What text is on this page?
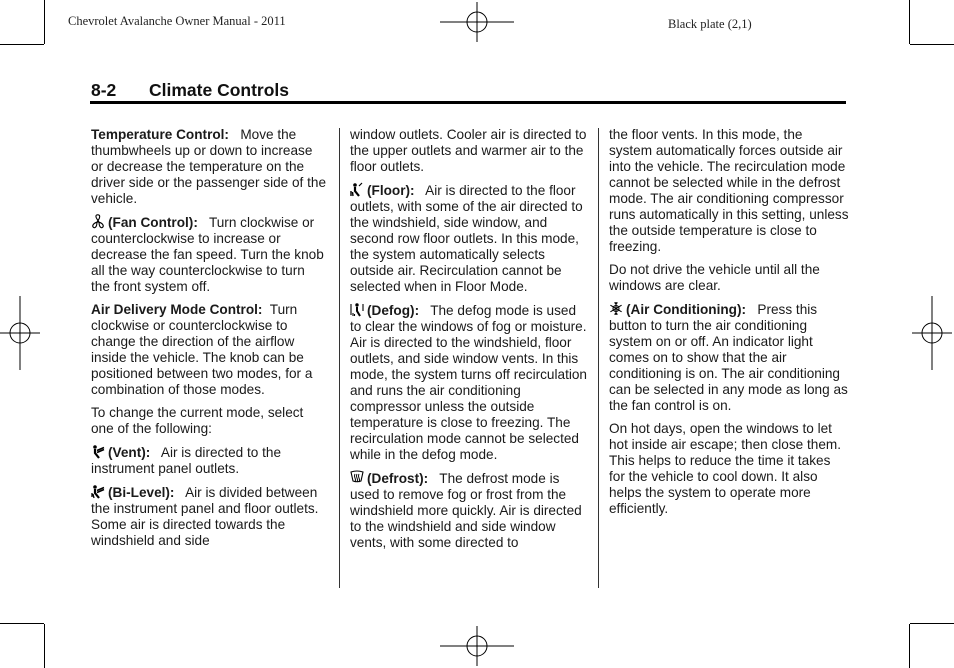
Chevrolet Avalanche Owner Manual - 2011	Black plate (2,1)
8-2 Climate Controls

Temperature Control: Move the thumbwheels up or down to increase or decrease the temperature on the driver side or the passenger side of the vehicle.

(Fan Control): Turn clockwise or counterclockwise to increase or decrease the fan speed. Turn the knob all the way counterclockwise to turn the front system off.

Air Delivery Mode Control: Turn clockwise or counterclockwise to change the direction of the airflow inside the vehicle. The knob can be positioned between two modes, for a combination of those modes.

To change the current mode, select one of the following:

(Vent): Air is directed to the instrument panel outlets.

(Bi-Level): Air is divided between the instrument panel and floor outlets. Some air is directed towards the windshield and side

window outlets. Cooler air is directed to the upper outlets and warmer air to the floor outlets.

(Floor): Air is directed to the floor outlets, with some of the air directed to the windshield, side window, and second row floor outlets. In this mode, the system automatically selects outside air. Recirculation cannot be selected when in Floor Mode.

(Defog): The defog mode is used to clear the windows of fog or moisture. Air is directed to the windshield, floor outlets, and side window vents. In this mode, the system turns off recirculation and runs the air conditioning compressor unless the outside temperature is close to freezing. The recirculation mode cannot be selected while in the defog mode.

(Defrost): The defrost mode is used to remove fog or frost from the windshield more quickly. Air is directed to the windshield and side window vents, with some directed to

the floor vents. In this mode, the system automatically forces outside air into the vehicle. The recirculation mode cannot be selected while in the defrost mode. The air conditioning compressor runs automatically in this setting, unless the outside temperature is close to freezing.

Do not drive the vehicle until all the windows are clear.

(Air Conditioning): Press this button to turn the air conditioning system on or off. An indicator light comes on to show that the air conditioning is on. The air conditioning can be selected in any mode as long as the fan control is on.

On hot days, open the windows to let hot inside air escape; then close them. This helps to reduce the time it takes for the vehicle to cool down. It also helps the system to operate more efficiently.
